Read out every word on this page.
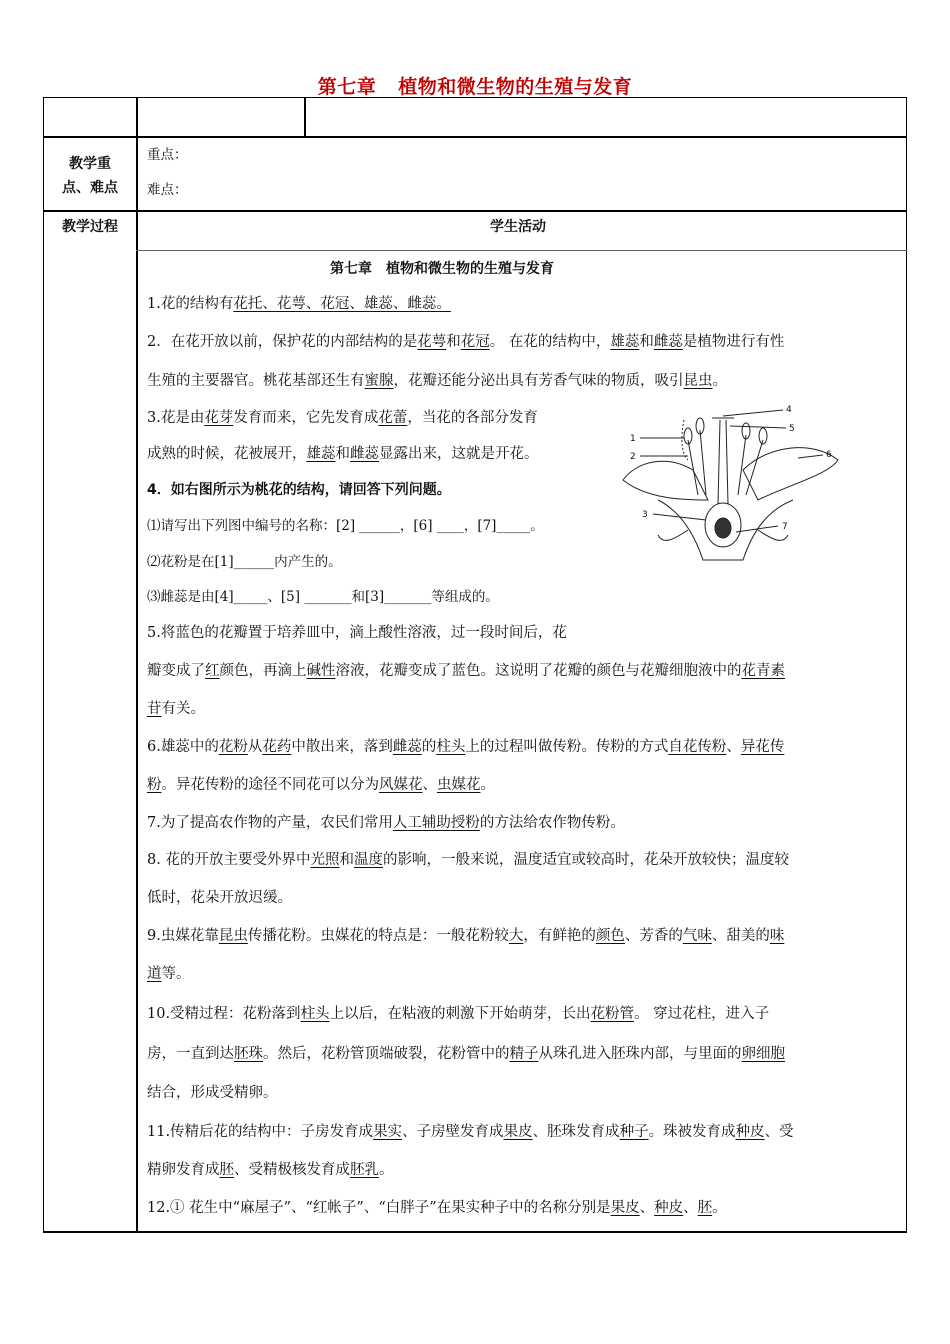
第七章 植物和微生物的生殖与发育
教学重
点、难点
重点：
难点：
教学过程	学生活动
第七章　植物和微生物的生殖与发育
1.花的结构有花托、花萼、花冠、雄蕊、雌蕊。
2．在花开放以前，保护花的内部结构的是花萼和花冠。 在花的结构中，雄蕊和雌蕊是植物进行有性
生殖的主要器官。桃花基部还生有蜜腺，花瓣还能分泌出具有芳香气味的物质，吸引昆虫。
3.花是由花芽发育而来，它先发育成花蕾，当花的各部分发育
成熟的时候，花被展开，雄蕊和雌蕊显露出来，这就是开花。
4．如右图所示为桃花的结构，请回答下列问题。
⑴请写出下列图中编号的名称：[2] ______，[6] ____，[7]_____。
⑵花粉是在[1]______内产生的。
⑶雌蕊是由[4]_____、[5] _______和[3]_______等组成的。
1
2
3
4
5
6
7
5.将蓝色的花瓣置于培养皿中，滴上酸性溶液，过一段时间后，花
瓣变成了红颜色，再滴上碱性溶液，花瓣变成了蓝色。这说明了花瓣的颜色与花瓣细胞液中的花青素
苷有关。
6.雄蕊中的花粉从花药中散出来，落到雌蕊的柱头上的过程叫做传粉。传粉的方式自花传粉、异花传
粉。异花传粉的途径不同花可以分为风媒花、虫媒花。
7.为了提高农作物的产量，农民们常用人工辅助授粉的方法给农作物传粉。
8. 花的开放主要受外界中光照和温度的影响，一般来说，温度适宜或较高时，花朵开放较快；温度较
低时，花朵开放迟缓。
9.虫媒花靠昆虫传播花粉。虫媒花的特点是：一般花粉较大，有鲜艳的颜色、芳香的气味、甜美的味
道等。
10.受精过程：花粉落到柱头上以后，在粘液的刺激下开始萌芽，长出花粉管。 穿过花柱，进入子
房，一直到达胚珠。然后，花粉管顶端破裂，花粉管中的精子从珠孔进入胚珠内部，与里面的卵细胞
结合，形成受精卵。
11.传精后花的结构中：子房发育成果实、子房壁发育成果皮、胚珠发育成种子。珠被发育成种皮、受
精卵发育成胚、受精极核发育成胚乳。
12.① 花生中“麻屋子”、“红帐子”、“白胖子”在果实种子中的名称分别是果皮、种皮、胚。
